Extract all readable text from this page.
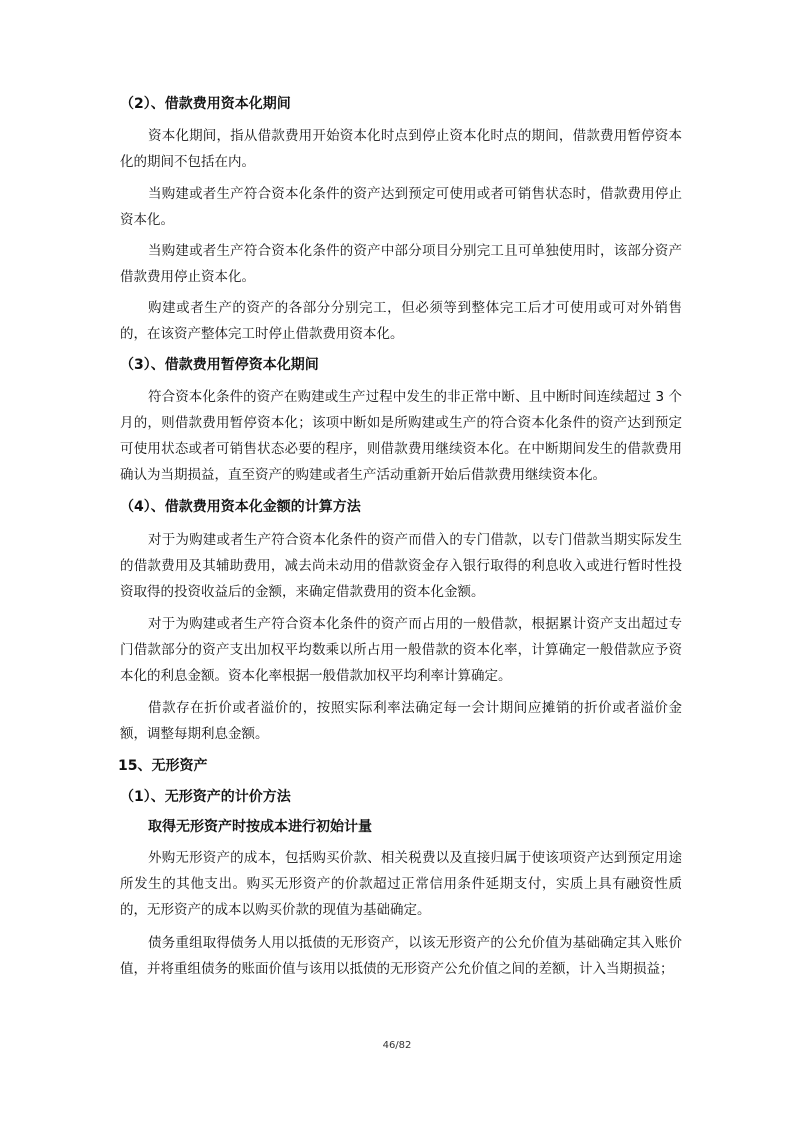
（2）、借款费用资本化期间

资本化期间，指从借款费用开始资本化时点到停止资本化时点的期间，借款费用暂停资本化的期间不包括在内。

当购建或者生产符合资本化条件的资产达到预定可使用或者可销售状态时，借款费用停止资本化。

当购建或者生产符合资本化条件的资产中部分项目分别完工且可单独使用时，该部分资产借款费用停止资本化。

购建或者生产的资产的各部分分别完工，但必须等到整体完工后才可使用或可对外销售的，在该资产整体完工时停止借款费用资本化。

（3）、借款费用暂停资本化期间

符合资本化条件的资产在购建或生产过程中发生的非正常中断、且中断时间连续超过 3 个月的，则借款费用暂停资本化；该项中断如是所购建或生产的符合资本化条件的资产达到预定可使用状态或者可销售状态必要的程序，则借款费用继续资本化。在中断期间发生的借款费用确认为当期损益，直至资产的购建或者生产活动重新开始后借款费用继续资本化。

（4）、借款费用资本化金额的计算方法

对于为购建或者生产符合资本化条件的资产而借入的专门借款，以专门借款当期实际发生的借款费用及其辅助费用，减去尚未动用的借款资金存入银行取得的利息收入或进行暂时性投资取得的投资收益后的金额，来确定借款费用的资本化金额。

对于为购建或者生产符合资本化条件的资产而占用的一般借款，根据累计资产支出超过专门借款部分的资产支出加权平均数乘以所占用一般借款的资本化率，计算确定一般借款应予资本化的利息金额。资本化率根据一般借款加权平均利率计算确定。

借款存在折价或者溢价的，按照实际利率法确定每一会计期间应摊销的折价或者溢价金额，调整每期利息金额。

15、无形资产
（1）、无形资产的计价方法
取得无形资产时按成本进行初始计量

外购无形资产的成本，包括购买价款、相关税费以及直接归属于使该项资产达到预定用途所发生的其他支出。购买无形资产的价款超过正常信用条件延期支付，实质上具有融资性质的，无形资产的成本以购买价款的现值为基础确定。

债务重组取得债务人用以抵债的无形资产，以该无形资产的公允价值为基础确定其入账价值，并将重组债务的账面价值与该用以抵债的无形资产公允价值之间的差额，计入当期损益；

46/82
